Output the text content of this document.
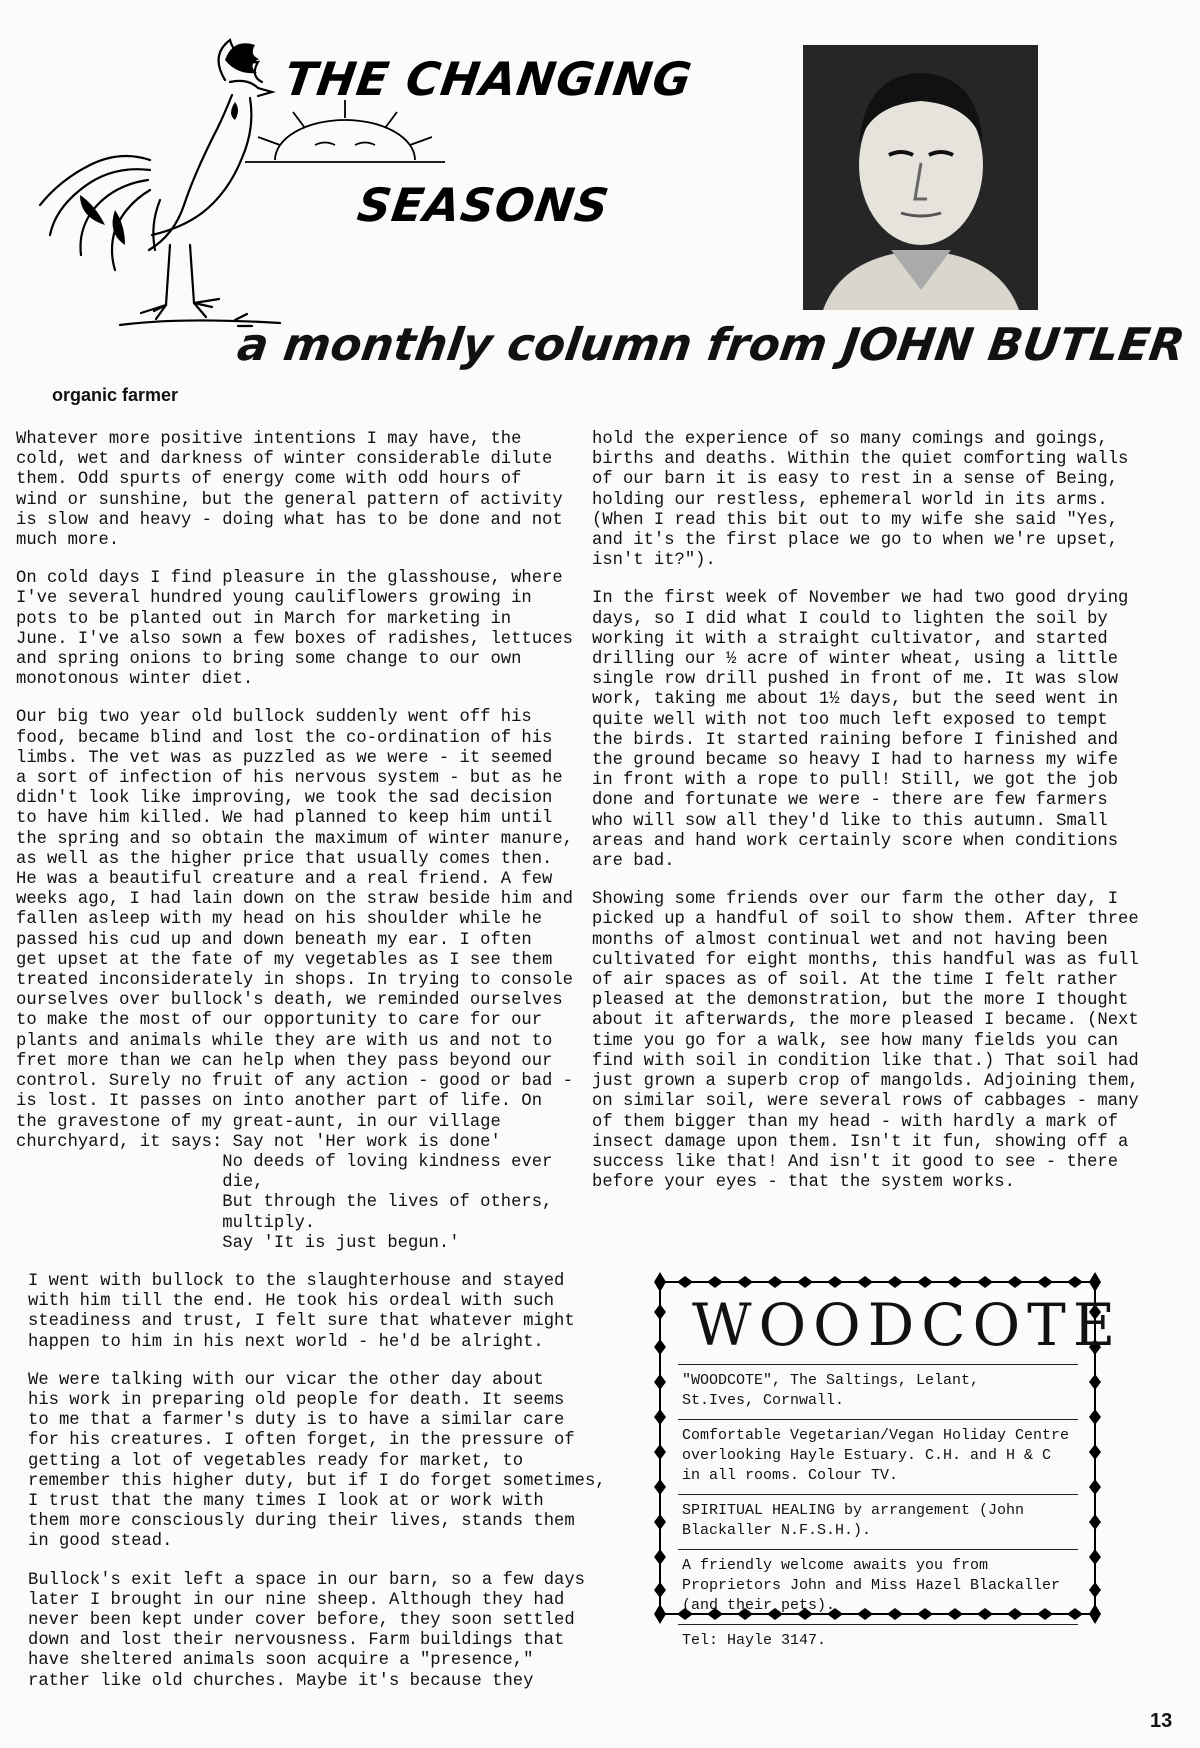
THE CHANGING
SEASONS
a monthly column from JOHN BUTLER
organic farmer

Whatever more positive intentions I may have, the
cold, wet and darkness of winter considerable dilute
them. Odd spurts of energy come with odd hours of
wind or sunshine, but the general pattern of activity
is slow and heavy - doing what has to be done and not
much more.

On cold days I find pleasure in the glasshouse, where
I've several hundred young cauliflowers growing in
pots to be planted out in March for marketing in
June. I've also sown a few boxes of radishes, lettuces
and spring onions to bring some change to our own
monotonous winter diet.

Our big two year old bullock suddenly went off his
food, became blind and lost the co-ordination of his
limbs. The vet was as puzzled as we were - it seemed
a sort of infection of his nervous system - but as he
didn't look like improving, we took the sad decision
to have him killed. We had planned to keep him until
the spring and so obtain the maximum of winter manure,
as well as the higher price that usually comes then.
He was a beautiful creature and a real friend. A few
weeks ago, I had lain down on the straw beside him and
fallen asleep with my head on his shoulder while he
passed his cud up and down beneath my ear. I often
get upset at the fate of my vegetables as I see them
treated inconsiderately in shops. In trying to console
ourselves over bullock's death, we reminded ourselves
to make the most of our opportunity to care for our
plants and animals while they are with us and not to
fret more than we can help when they pass beyond our
control. Surely no fruit of any action - good or bad -
is lost. It passes on into another part of life. On
the gravestone of my great-aunt, in our village
churchyard, it says: Say not 'Her work is done'
No deeds of loving kindness ever
die,
But through the lives of others,
multiply.
Say 'It is just begun.'

hold the experience of so many comings and goings,
births and deaths. Within the quiet comforting walls
of our barn it is easy to rest in a sense of Being,
holding our restless, ephemeral world in its arms.
(When I read this bit out to my wife she said "Yes,
and it's the first place we go to when we're upset,
isn't it?").

In the first week of November we had two good drying
days, so I did what I could to lighten the soil by
working it with a straight cultivator, and started
drilling our ½ acre of winter wheat, using a little
single row drill pushed in front of me. It was slow
work, taking me about 1½ days, but the seed went in
quite well with not too much left exposed to tempt
the birds. It started raining before I finished and
the ground became so heavy I had to harness my wife
in front with a rope to pull! Still, we got the job
done and fortunate we were - there are few farmers
who will sow all they'd like to this autumn. Small
areas and hand work certainly score when conditions
are bad.

Showing some friends over our farm the other day, I
picked up a handful of soil to show them. After three
months of almost continual wet and not having been
cultivated for eight months, this handful was as full
of air spaces as of soil. At the time I felt rather
pleased at the demonstration, but the more I thought
about it afterwards, the more pleased I became. (Next
time you go for a walk, see how many fields you can
find with soil in condition like that.) That soil had
just grown a superb crop of mangolds. Adjoining them,
on similar soil, were several rows of cabbages - many
of them bigger than my head - with hardly a mark of
insect damage upon them. Isn't it fun, showing off a
success like that! And isn't it good to see - there
before your eyes - that the system works.

I went with bullock to the slaughterhouse and stayed
with him till the end. He took his ordeal with such
steadiness and trust, I felt sure that whatever might
happen to him in his next world - he'd be alright.

We were talking with our vicar the other day about
his work in preparing old people for death. It seems
to me that a farmer's duty is to have a similar care
for his creatures. I often forget, in the pressure of
getting a lot of vegetables ready for market, to
remember this higher duty, but if I do forget sometimes,
I trust that the many times I look at or work with
them more consciously during their lives, stands them
in good stead.

Bullock's exit left a space in our barn, so a few days
later I brought in our nine sheep. Although they had
never been kept under cover before, they soon settled
down and lost their nervousness. Farm buildings that
have sheltered animals soon acquire a "presence,"
rather like old churches. Maybe it's because they

WOODCOTE
"WOODCOTE", The Saltings, Lelant,
St.Ives, Cornwall.
Comfortable Vegetarian/Vegan Holiday Centre
overlooking Hayle Estuary. C.H. and H & C
in all rooms. Colour TV.
SPIRITUAL HEALING by arrangement (John
Blackaller N.F.S.H.).
A friendly welcome awaits you from
Proprietors John and Miss Hazel Blackaller
(and their pets).
Tel: Hayle 3147.
13
